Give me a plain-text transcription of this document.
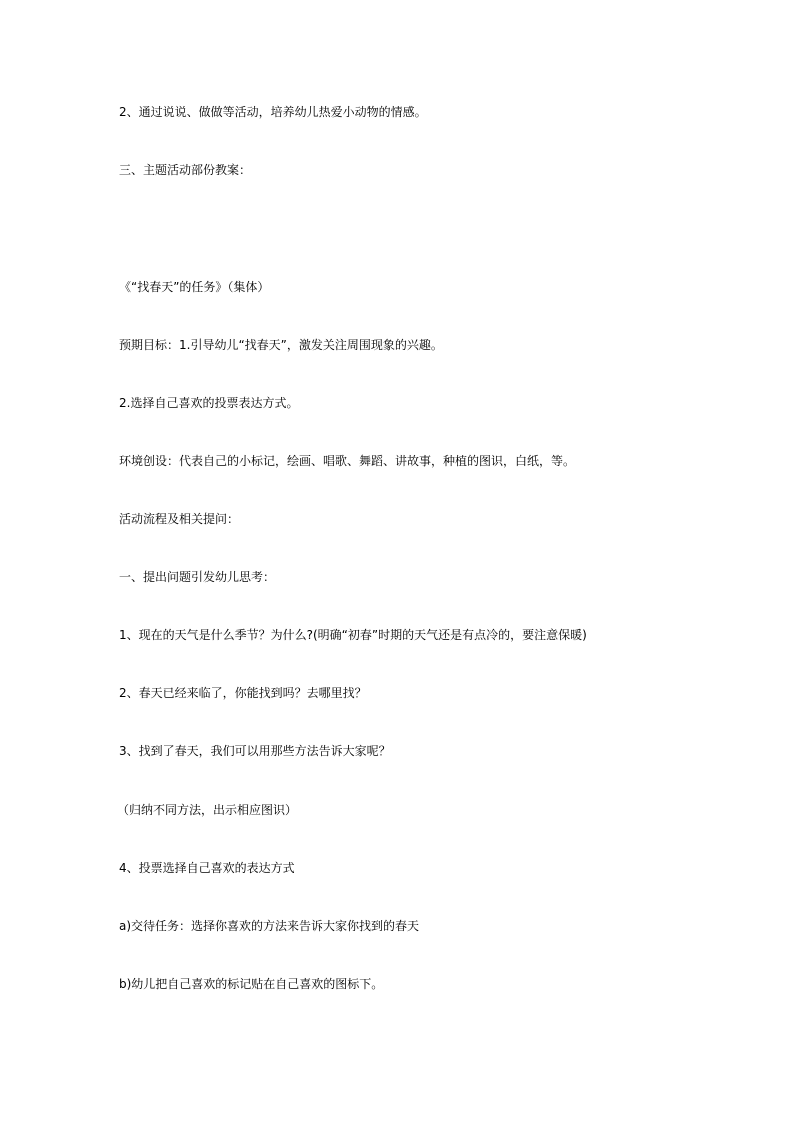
2、通过说说、做做等活动，培养幼儿热爱小动物的情感。
三、主题活动部份教案：
《“找春天”的任务》（集体）
预期目标：1.引导幼儿“找春天”，激发关注周围现象的兴趣。
2.选择自己喜欢的投票表达方式。
环境创设：代表自己的小标记，绘画、唱歌、舞蹈、讲故事，种植的图识，白纸，等。
活动流程及相关提问：
一、提出问题引发幼儿思考：
1、现在的天气是什么季节？为什么?(明确“初春”时期的天气还是有点冷的，要注意保暖)
2、春天已经来临了，你能找到吗？去哪里找？
3、找到了春天，我们可以用那些方法告诉大家呢？
（归纳不同方法，出示相应图识）
4、投票选择自己喜欢的表达方式
a)交待任务：选择你喜欢的方法来告诉大家你找到的春天
b)幼儿把自己喜欢的标记贴在自己喜欢的图标下。
